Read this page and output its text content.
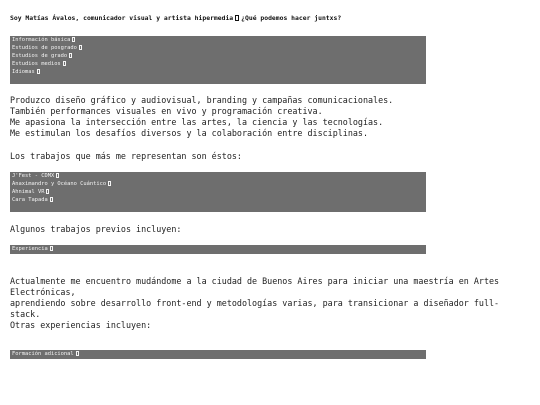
Soy Matías Ávalos, comunicador visual y artista hipermedia ¿Qué podemos hacer juntxs?
Información básica
Estudios de posgrado
Estudios de grado
Estudios medios
Idiomas
Produzco diseño gráfico y audiovisual, branding y campañas comunicacionales.
También performances visuales en vivo y programación creativa.
Me apasiona la intersección entre las artes, la ciencia y las tecnologías.
Me estimulan los desafíos diversos y la colaboración entre disciplinas.
Los trabajos que más me representan son éstos:
J'Fest - CDMX
Anaximandro y Océano Cuántico
Ahnimal VR
Cara Tapada
Algunos trabajos previos incluyen:
Experiencia
Actualmente me encuentro mudándome a la ciudad de Buenos Aires para iniciar una maestría en Artes Electrónicas,
aprendiendo sobre desarrollo front-end y metodologías varias, para transicionar a diseñador full-stack.
Otras experiencias incluyen:
Formación adicional
